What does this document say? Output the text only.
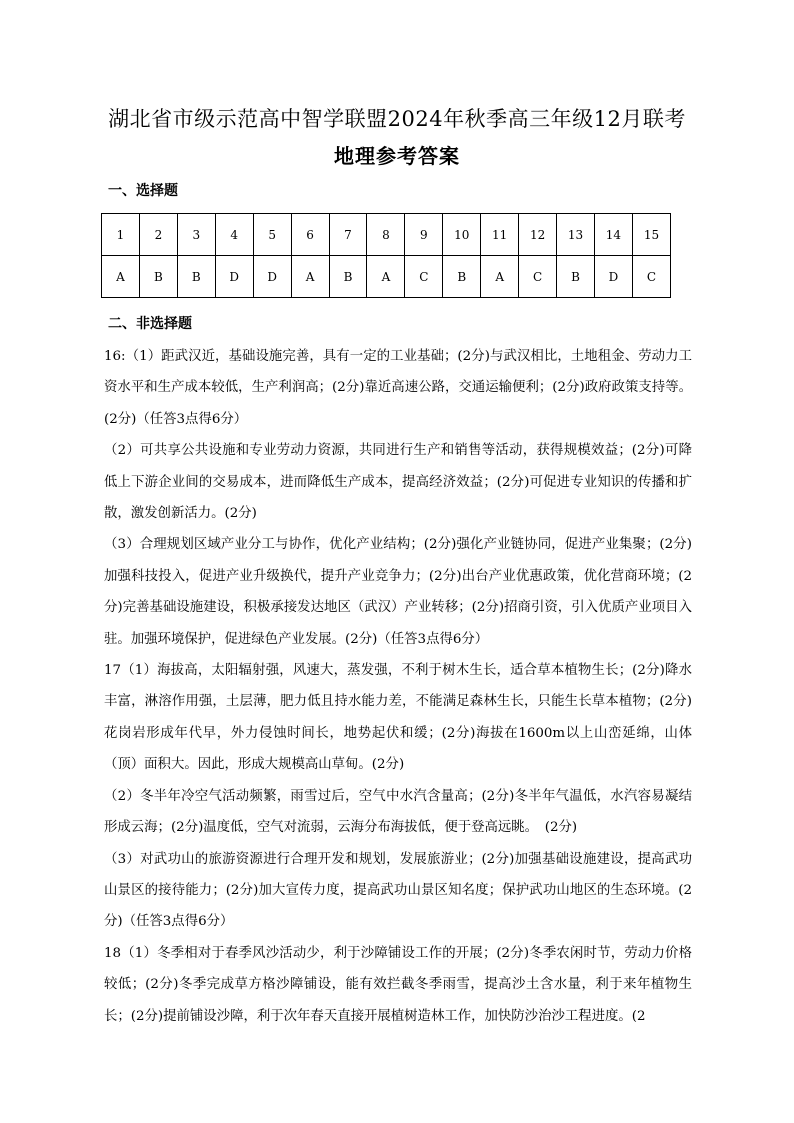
湖北省市级示范高中智学联盟2024年秋季高三年级12月联考
地理参考答案
一、选择题
1	2	3	4	5	6	7	8	9	10	11	12	13	14	15
A	B	B	D	D	A	B	A	C	B	A	C	B	D	C
二、非选择题

16:（1）距武汉近，基础设施完善，具有一定的工业基础；(2分)与武汉相比，土地租金、劳动力工资水平和生产成本较低，生产利润高；(2分)靠近高速公路，交通运输便利；(2分)政府政策支持等。(2分)（任答3点得6分）

（2）可共享公共设施和专业劳动力资源，共同进行生产和销售等活动，获得规模效益；(2分)可降低上下游企业间的交易成本，进而降低生产成本，提高经济效益；(2分)可促进专业知识的传播和扩散，激发创新活力。(2分)

（3）合理规划区域产业分工与协作，优化产业结构；(2分)强化产业链协同，促进产业集聚；(2分)加强科技投入，促进产业升级换代，提升产业竞争力；(2分)出台产业优惠政策，优化营商环境；(2分)完善基础设施建设，积极承接发达地区（武汉）产业转移；(2分)招商引资，引入优质产业项目入驻。加强环境保护，促进绿色产业发展。(2分)（任答3点得6分）

17（1）海拔高，太阳辐射强，风速大，蒸发强，不利于树木生长，适合草本植物生长；(2分)降水丰富，淋溶作用强，土层薄，肥力低且持水能力差，不能满足森林生长，只能生长草本植物；(2分)花岗岩形成年代早，外力侵蚀时间长，地势起伏和缓；(2分)海拔在1600m以上山峦延绵，山体（顶）面积大。因此，形成大规模高山草甸。(2分)

（2）冬半年冷空气活动频繁，雨雪过后，空气中水汽含量高；(2分)冬半年气温低，水汽容易凝结形成云海；(2分)温度低，空气对流弱，云海分布海拔低，便于登高远眺。　(2分)

（3）对武功山的旅游资源进行合理开发和规划，发展旅游业；(2分)加强基础设施建设，提高武功山景区的接待能力；(2分)加大宣传力度，提高武功山景区知名度；保护武功山地区的生态环境。(2分)（任答3点得6分）

18（1）冬季相对于春季风沙活动少，利于沙障铺设工作的开展；(2分)冬季农闲时节，劳动力价格较低；(2分)冬季完成草方格沙障铺设，能有效拦截冬季雨雪，提高沙土含水量，利于来年植物生长；(2分)提前铺设沙障，利于次年春天直接开展植树造林工作，加快防沙治沙工程进度。(2
